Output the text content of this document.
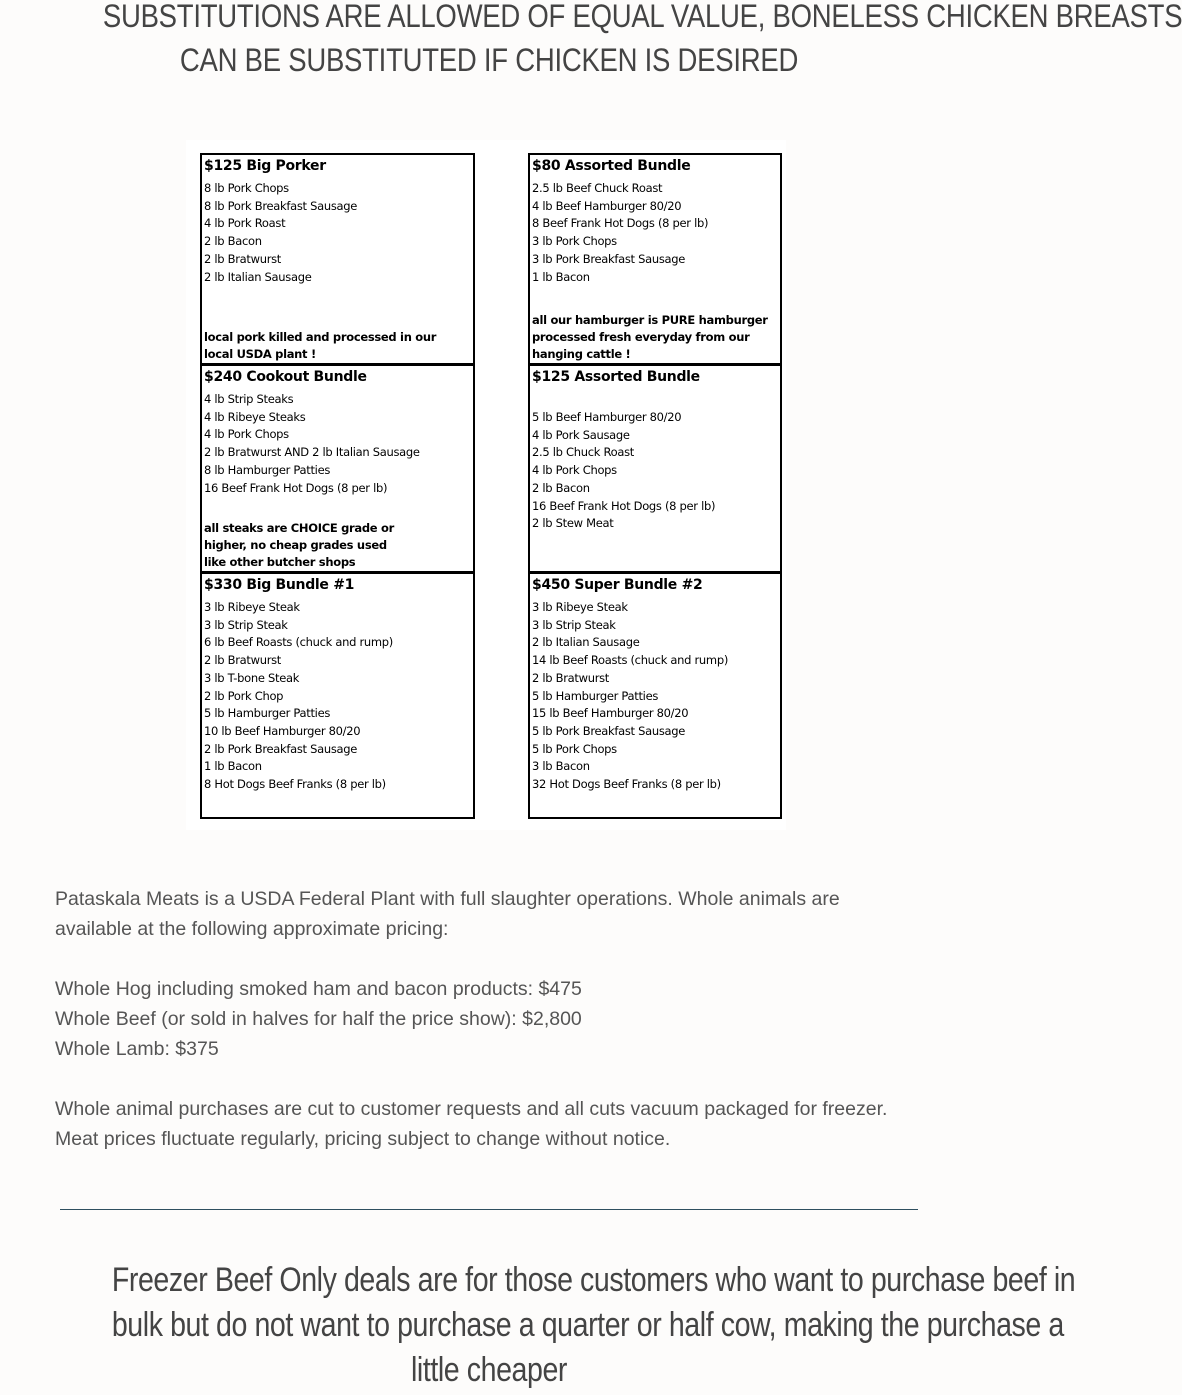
SUBSTITUTIONS ARE ALLOWED OF EQUAL VALUE, BONELESS CHICKEN BREASTS
CAN BE SUBSTITUTED IF CHICKEN IS DESIRED
$125 Big Porker
8 lb Pork Chops
8 lb Pork Breakfast Sausage
4 lb Pork Roast
2 lb Bacon
2 lb Bratwurst
2 lb Italian Sausage
local pork killed and processed in our
local USDA plant !
$240 Cookout Bundle
4 lb Strip Steaks
4 lb Ribeye Steaks
4 lb Pork Chops
2 lb Bratwurst AND 2 lb Italian Sausage
8 lb Hamburger Patties
16 Beef Frank Hot Dogs (8 per lb)
all steaks are CHOICE grade or
higher, no cheap grades used
like other butcher shops
$330 Big Bundle #1
3 lb Ribeye Steak
3 lb Strip Steak
6 lb Beef Roasts (chuck and rump)
2 lb Bratwurst
3 lb T-bone Steak
2 lb Pork Chop
5 lb Hamburger Patties
10 lb Beef Hamburger 80/20
2 lb Pork Breakfast Sausage
1 lb Bacon
8 Hot Dogs Beef Franks (8 per lb)
$80 Assorted Bundle
2.5 lb Beef Chuck Roast
4 lb Beef Hamburger 80/20
8 Beef Frank Hot Dogs (8 per lb)
3 lb Pork Chops
3 lb Pork Breakfast Sausage
1 lb Bacon
all our hamburger is PURE hamburger
processed fresh everyday from our
hanging cattle !
$125 Assorted Bundle
5 lb Beef Hamburger 80/20
4 lb Pork Sausage
2.5 lb Chuck Roast
4 lb Pork Chops
2 lb Bacon
16 Beef Frank Hot Dogs (8 per lb)
2 lb Stew Meat
$450 Super Bundle #2
3 lb Ribeye Steak
3 lb Strip Steak
2 lb Italian Sausage
14 lb Beef Roasts (chuck and rump)
2 lb Bratwurst
5 lb Hamburger Patties
15 lb Beef Hamburger 80/20
5 lb Pork Breakfast Sausage
5 lb Pork Chops
3 lb Bacon
32 Hot Dogs Beef Franks (8 per lb)

Pataskala Meats is a USDA Federal Plant with full slaughter operations. Whole animals are
available at the following approximate pricing:

Whole Hog including smoked ham and bacon products: $475
Whole Beef (or sold in halves for half the price show): $2,800
Whole Lamb: $375

Whole animal purchases are cut to customer requests and all cuts vacuum packaged for freezer.
Meat prices fluctuate regularly, pricing subject to change without notice.

Freezer Beef Only deals are for those customers who want to purchase beef in
bulk but do not want to purchase a quarter or half cow, making the purchase a
little cheaper
